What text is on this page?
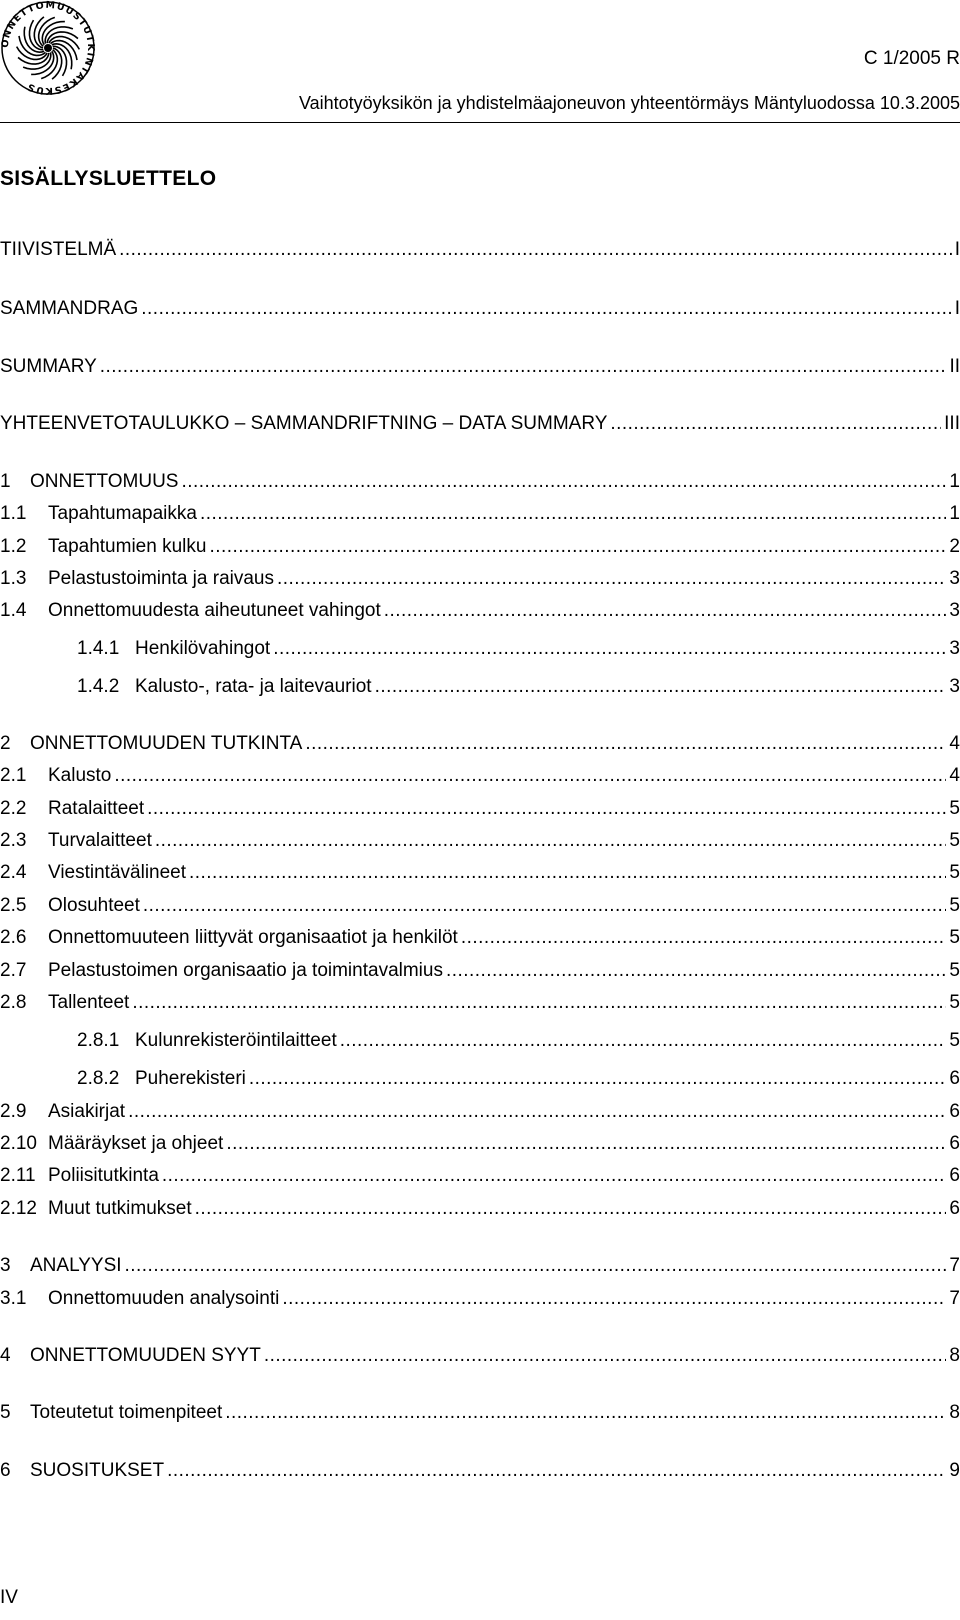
ONNETTOMUUSTUTKINTAKESKUS
C 1/2005 R
Vaihtotyöyksikön ja yhdistelmäajoneuvon yhteentörmäys Mäntyluodossa 10.3.2005
SISÄLLYSLUETTELO
TIIVISTELMÄ . . .	I
SAMMANDRAG . . .	I
SUMMARY . . .	II
YHTEENVETOTAULUKKO – SAMMANDRIFTNING – DATA SUMMARY . . .	III
1	ONNETTOMUUS . . .	1
1.1	Tapahtumapaikka . . .	1
1.2	Tapahtumien kulku . . .	2
1.3	Pelastustoiminta ja raivaus . . .	3
1.4	Onnettomuudesta aiheutuneet vahingot . . .	3
1.4.1 Henkilövahingot . . .	3
1.4.2 Kalusto-, rata- ja laitevauriot . . .	3
2	ONNETTOMUUDEN TUTKINTA . . .	4
2.1	Kalusto . . .	4
2.2	Ratalaitteet . . .	5
2.3	Turvalaitteet . . .	5
2.4	Viestintävälineet . . .	5
2.5	Olosuhteet . . .	5
2.6	Onnettomuuteen liittyvät organisaatiot ja henkilöt . . .	5
2.7	Pelastustoimen organisaatio ja toimintavalmius . . .	5
2.8	Tallenteet . . .	5
2.8.1 Kulunrekisteröintilaitteet . . .	5
2.8.2 Puherekisteri . . .	6
2.9	Asiakirjat . . .	6
2.10 Määräykset ja ohjeet . . .	6
2.11 Poliisitutkinta . . .	6
2.12 Muut tutkimukset . . .	6
3	ANALYYSI . . .	7
3.1	Onnettomuuden analysointi . . .	7
4	ONNETTOMUUDEN SYYT . . .	8
5	Toteutetut toimenpiteet . . .	8
6	SUOSITUKSET . . .	9
IV
